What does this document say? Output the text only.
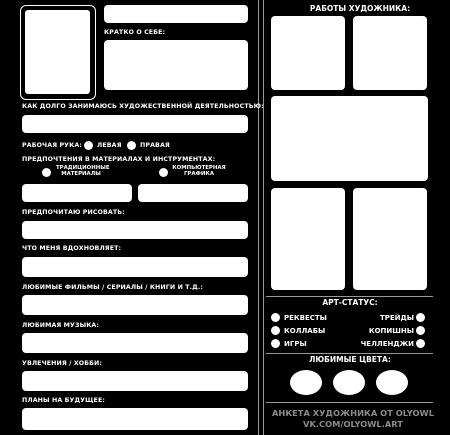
КРАТКО О СЕБЕ:
КАК ДОЛГО ЗАНИМАЮСЬ ХУДОЖЕСТВЕННОЙ ДЕЯТЕЛЬНОСТЬЮ:
РАБОЧАЯ РУКА: ЛЕВАЯ	ПРАВАЯ
ПРЕДПОЧТЕНИЯ В МАТЕРИАЛАХ И ИНСТРУМЕНТАХ:
ТРАДИЦИОННЫЕ МАТЕРИАЛЫ
КОМПЬЮТЕРНАЯ ГРАФИКА
ПРЕДПОЧИТАЮ РИСОВАТЬ:
ЧТО МЕНЯ ВДОХНОВЛЯЕТ:
ЛЮБИМЫЕ ФИЛЬМЫ / СЕРИАЛЫ / КНИГИ И Т.Д.:
ЛЮБИМАЯ МУЗЫКА:
УВЛЕЧЕНИЯ / ХОББИ:
ПЛАНЫ НА БУДУЩЕЕ:
РАБОТЫ ХУДОЖНИКА:
АРТ-СТАТУС:
РЕКВЕСТЫ
КОЛЛАБЫ
ИГРЫ
ТРЕЙДЫ
КОПИШНЫ
ЧЕЛЛЕНДЖИ
ЛЮБИМЫЕ ЦВЕТА:
АНКЕТА ХУДОЖНИКА ОТ OLYOWL
VK.COM/OLYOWL.ART
